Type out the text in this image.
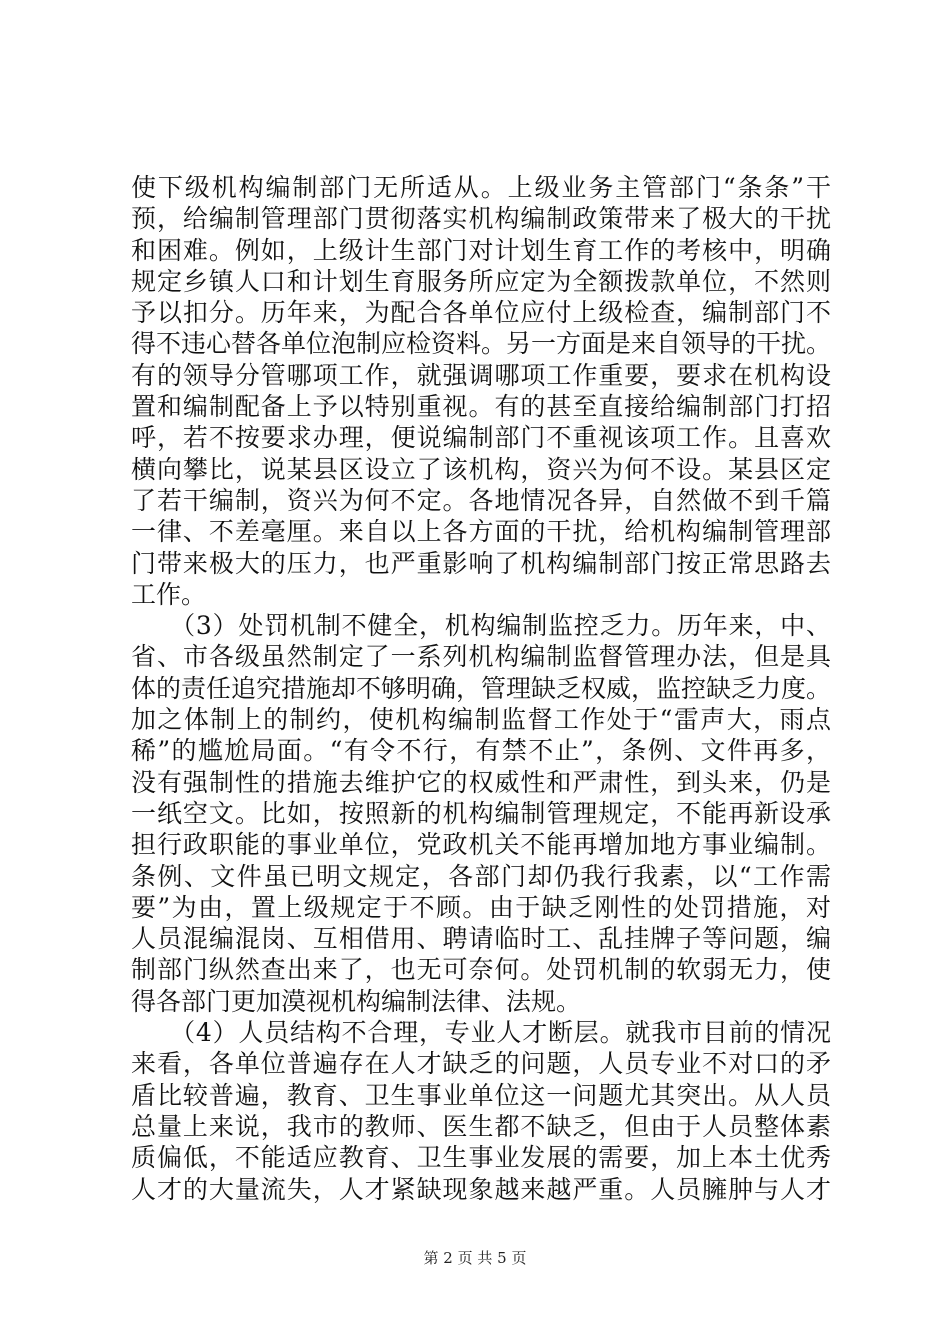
使下级机构编制部门无所适从。上级业务主管部门“条条”干
预，给编制管理部门贯彻落实机构编制政策带来了极大的干扰
和困难。例如，上级计生部门对计划生育工作的考核中，明确
规定乡镇人口和计划生育服务所应定为全额拨款单位，不然则
予以扣分。历年来，为配合各单位应付上级检查，编制部门不
得不违心替各单位泡制应检资料。另一方面是来自领导的干扰。
有的领导分管哪项工作，就强调哪项工作重要，要求在机构设
置和编制配备上予以特别重视。有的甚至直接给编制部门打招
呼，若不按要求办理，便说编制部门不重视该项工作。且喜欢
横向攀比，说某县区设立了该机构，资兴为何不设。某县区定
了若干编制，资兴为何不定。各地情况各异，自然做不到千篇
一律、不差毫厘。来自以上各方面的干扰，给机构编制管理部
门带来极大的压力，也严重影响了机构编制部门按正常思路去
工作。
　　（3）处罚机制不健全，机构编制监控乏力。历年来，中、
省、市各级虽然制定了一系列机构编制监督管理办法，但是具
体的责任追究措施却不够明确，管理缺乏权威，监控缺乏力度。
加之体制上的制约，使机构编制监督工作处于“雷声大，雨点
稀”的尴尬局面。“有令不行，有禁不止”，条例、文件再多，
没有强制性的措施去维护它的权威性和严肃性，到头来，仍是
一纸空文。比如，按照新的机构编制管理规定，不能再新设承
担行政职能的事业单位，党政机关不能再增加地方事业编制。
条例、文件虽已明文规定，各部门却仍我行我素，以“工作需
要”为由，置上级规定于不顾。由于缺乏刚性的处罚措施，对
人员混编混岗、互相借用、聘请临时工、乱挂牌子等问题，编
制部门纵然查出来了，也无可奈何。处罚机制的软弱无力，使
得各部门更加漠视机构编制法律、法规。
　　（4）人员结构不合理，专业人才断层。就我市目前的情况
来看，各单位普遍存在人才缺乏的问题，人员专业不对口的矛
盾比较普遍，教育、卫生事业单位这一问题尤其突出。从人员
总量上来说，我市的教师、医生都不缺乏，但由于人员整体素
质偏低，不能适应教育、卫生事业发展的需要，加上本土优秀
人才的大量流失，人才紧缺现象越来越严重。人员臃肿与人才
第 2 页 共 5 页
